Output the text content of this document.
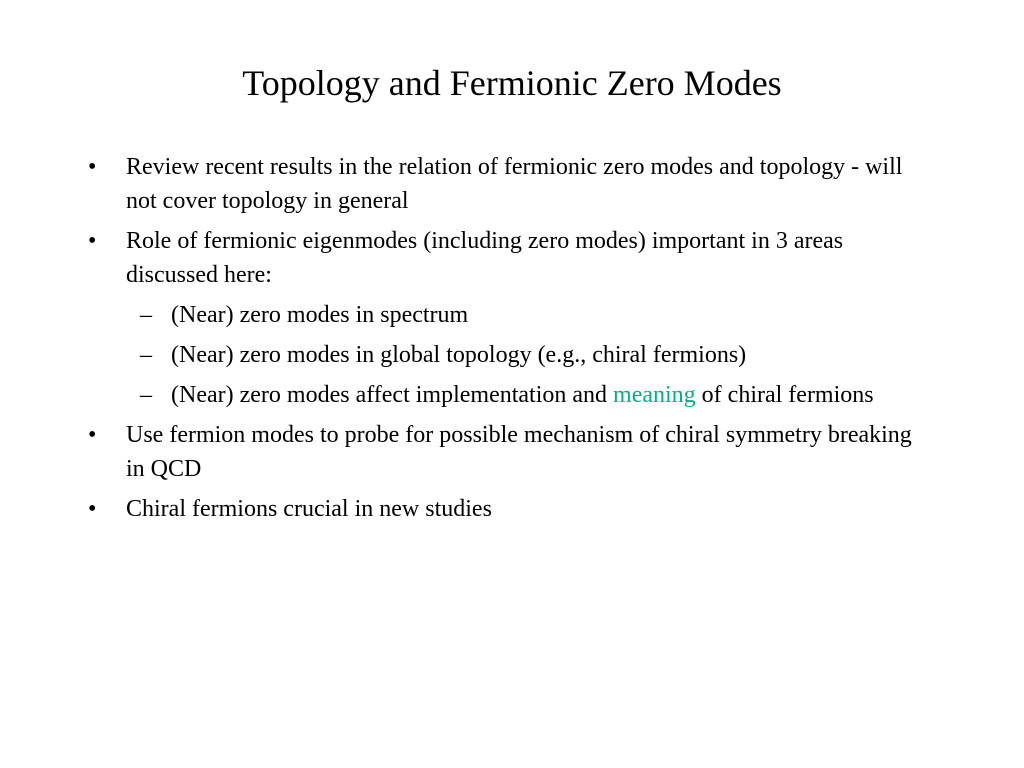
Topology and Fermionic Zero Modes
• Review recent results in the relation of fermionic zero modes and topology - will not cover topology in general
• Role of fermionic eigenmodes (including zero modes) important in 3 areas discussed here:
– (Near) zero modes in spectrum
– (Near) zero modes in global topology (e.g., chiral fermions)
– (Near) zero modes affect implementation and meaning of chiral fermions
• Use fermion modes to probe for possible mechanism of chiral symmetry breaking in QCD
• Chiral fermions crucial in new studies
